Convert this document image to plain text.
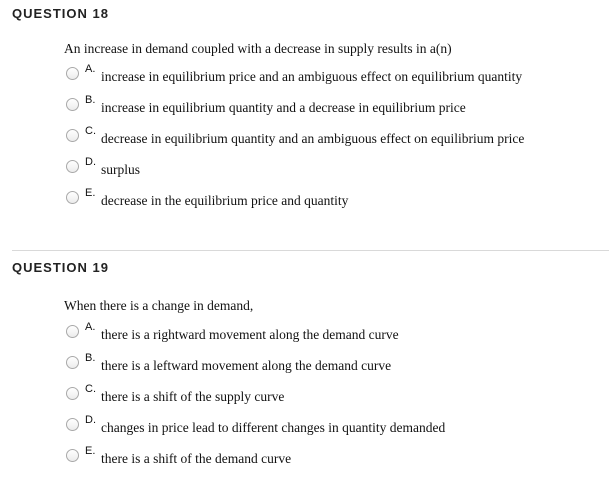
QUESTION 18
An increase in demand coupled with a decrease in supply results in a(n)
A. increase in equilibrium price and an ambiguous effect on equilibrium quantity
B. increase in equilibrium quantity and a decrease in equilibrium price
C. decrease in equilibrium quantity and an ambiguous effect on equilibrium price
D. surplus
E. decrease in the equilibrium price and quantity
QUESTION 19
When there is a change in demand,
A. there is a rightward movement along the demand curve
B. there is a leftward movement along the demand curve
C. there is a shift of the supply curve
D. changes in price lead to different changes in quantity demanded
E. there is a shift of the demand curve
